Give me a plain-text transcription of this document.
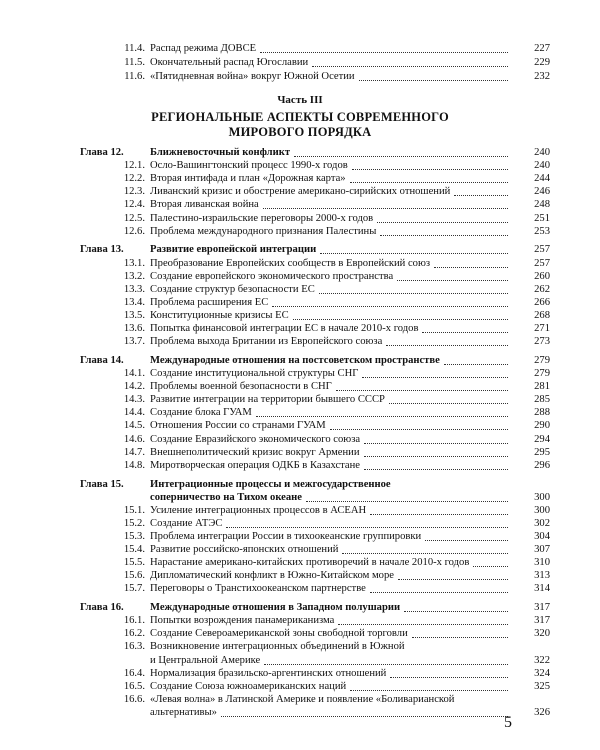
11.4. Распад режима ДОВСЕ	227
11.5. Окончательный распад Югославии	229
11.6. «Пятидневная война» вокруг Южной Осетии	232
Часть III
РЕГИОНАЛЬНЫЕ АСПЕКТЫ СОВРЕМЕННОГО
МИРОВОГО ПОРЯДКА
Глава 12. Ближневосточный конфликт	240
12.1. Осло-Вашингтонский процесс 1990-х годов	240
12.2. Вторая интифада и план «Дорожная карта»	244
12.3. Ливанский кризис и обострение американо-сирийских отношений	246
12.4. Вторая ливанская война	248
12.5. Палестино-израильские переговоры 2000-х годов	251
12.6. Проблема международного признания Палестины	253
Глава 13. Развитие европейской интеграции	257
13.1. Преобразование Европейских сообществ в Европейский союз	257
13.2. Создание европейского экономического пространства	260
13.3. Создание структур безопасности ЕС	262
13.4. Проблема расширения ЕС	266
13.5. Конституционные кризисы ЕС	268
13.6. Попытка финансовой интеграции ЕС в начале 2010-х годов	271
13.7. Проблема выхода Британии из Европейского союза	273
Глава 14. Международные отношения на постсоветском пространстве	279
14.1. Создание институциональной структуры СНГ	279
14.2. Проблемы военной безопасности в СНГ	281
14.3. Развитие интеграции на территории бывшего СССР	285
14.4. Создание блока ГУАМ	288
14.5. Отношения России со странами ГУАМ	290
14.6. Создание Евразийского экономического союза	294
14.7. Внешнеполитический кризис вокруг Армении	295
14.8. Миротворческая операция ОДКБ в Казахстане	296
Глава 15. Интеграционные процессы и межгосударственное
соперничество на Тихом океане	300
15.1. Усиление интеграционных процессов в АСЕАН	300
15.2. Создание АТЭС	302
15.3. Проблема интеграции России в тихоокеанские группировки	304
15.4. Развитие российско-японских отношений	307
15.5. Нарастание американо-китайских противоречий в начале 2010-х годов	310
15.6. Дипломатический конфликт в Южно-Китайском море	313
15.7. Переговоры о Транстихоокеанском партнерстве	314
Глава 16. Международные отношения в Западном полушарии	317
16.1. Попытки возрождения панамериканизма	317
16.2. Создание Североамериканской зоны свободной торговли	320
16.3. Возникновение интеграционных объединений в Южной
и Центральной Америке	322
16.4. Нормализация бразильско-аргентинских отношений	324
16.5. Создание Союза южноамериканских наций	325
16.6. «Левая волна» в Латинской Америке и появление «Боливарианской
альтернативы»	326
5
